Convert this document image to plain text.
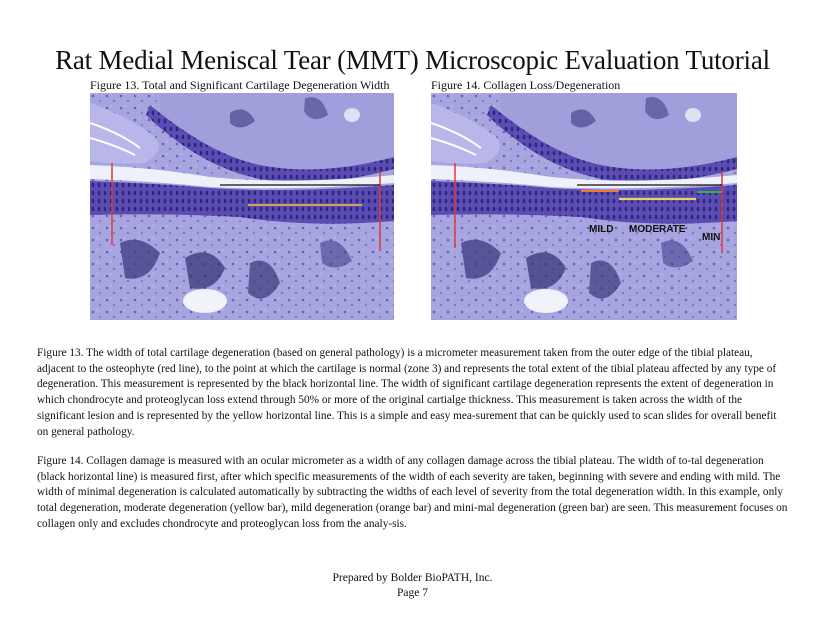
Rat Medial Meniscal Tear (MMT) Microscopic Evaluation Tutorial
Figure 13. Total and Significant Cartilage Degeneration Width	Figure 14. Collagen Loss/Degeneration
MILD MODERATE
MIN
Figure 13. The width of total cartilage degeneration (based on general pathology) is a micrometer measurement taken from the outer edge of the tibial plateau, adjacent to the osteophyte (red line), to the point at which the cartilage is normal (zone 3) and represents the total extent of the tibial plateau affected by any type of degeneration. This measurement is represented by the black horizontal line. The width of significant cartilage degeneration represents the extent of degeneration in which chondrocyte and proteoglycan loss extend through 50% or more of the original cartialge thickness. This measurement is taken across the width of the significant lesion and is represented by the yellow horizontal line. This is a simple and easy mea-surement that can be quickly used to scan slides for overall benefit on general pathology.
Figure 14. Collagen damage is measured with an ocular micrometer as a width of any collagen damage across the tibial plateau. The width of to-tal degeneration (black horizontal line) is measured first, after which specific measurements of the width of each severity are taken, beginning with severe and ending with mild. The width of minimal degeneration is calculated automatically by subtracting the widths of each level of severity from the total degeneration width. In this example, only total degeneration, moderate degeneration (yellow bar), mild degeneration (orange bar) and mini-mal degeneration (green bar) are seen. This measurement focuses on collagen only and excludes chondrocyte and proteoglycan loss from the analy-sis.
Prepared by Bolder BioPATH, Inc.
Page 7
